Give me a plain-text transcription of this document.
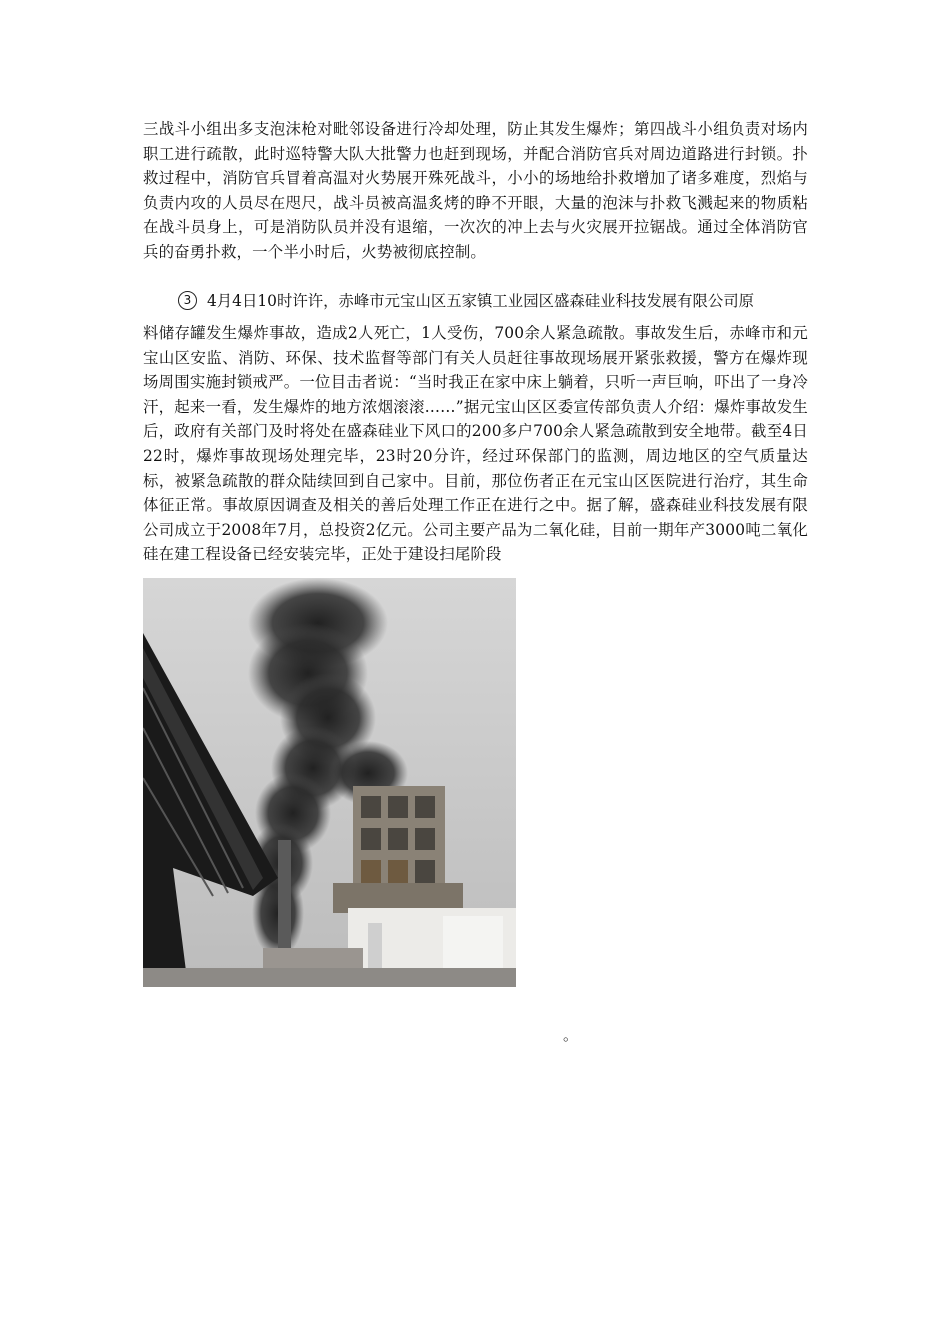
三战斗小组出多支泡沫枪对毗邻设备进行冷却处理，防止其发生爆炸；第四战斗小组负责对场内职工进行疏散，此时巡特警大队大批警力也赶到现场，并配合消防官兵对周边道路进行封锁。扑救过程中，消防官兵冒着高温对火势展开殊死战斗，小小的场地给扑救增加了诸多难度，烈焰与负责内攻的人员尽在咫尺，战斗员被高温炙烤的睁不开眼，大量的泡沫与扑救飞溅起来的物质粘在战斗员身上，可是消防队员并没有退缩，一次次的冲上去与火灾展开拉锯战。通过全体消防官兵的奋勇扑救，一个半小时后，火势被彻底控制。

3 4月4日10时许许，赤峰市元宝山区五家镇工业园区盛森硅业科技发展有限公司原

料储存罐发生爆炸事故，造成2人死亡，1人受伤，700余人紧急疏散。事故发生后，赤峰市和元宝山区安监、消防、环保、技术监督等部门有关人员赶往事故现场展开紧张救援，警方在爆炸现场周围实施封锁戒严。一位目击者说：“当时我正在家中床上躺着，只听一声巨响，吓出了一身冷汗，起来一看，发生爆炸的地方浓烟滚滚……”据元宝山区区委宣传部负责人介绍：爆炸事故发生后，政府有关部门及时将处在盛森硅业下风口的200多户700余人紧急疏散到安全地带。截至4日22时，爆炸事故现场处理完毕，23时20分许，经过环保部门的监测，周边地区的空气质量达标，被紧急疏散的群众陆续回到自己家中。目前，那位伤者正在元宝山区医院进行治疗，其生命体征正常。事故原因调查及相关的善后处理工作正在进行之中。据了解，盛森硅业科技发展有限公司成立于2008年7月，总投资2亿元。公司主要产品为二氧化硅，目前一期年产3000吨二氧化硅在建工程设备已经安装完毕，正处于建设扫尾阶段

。
